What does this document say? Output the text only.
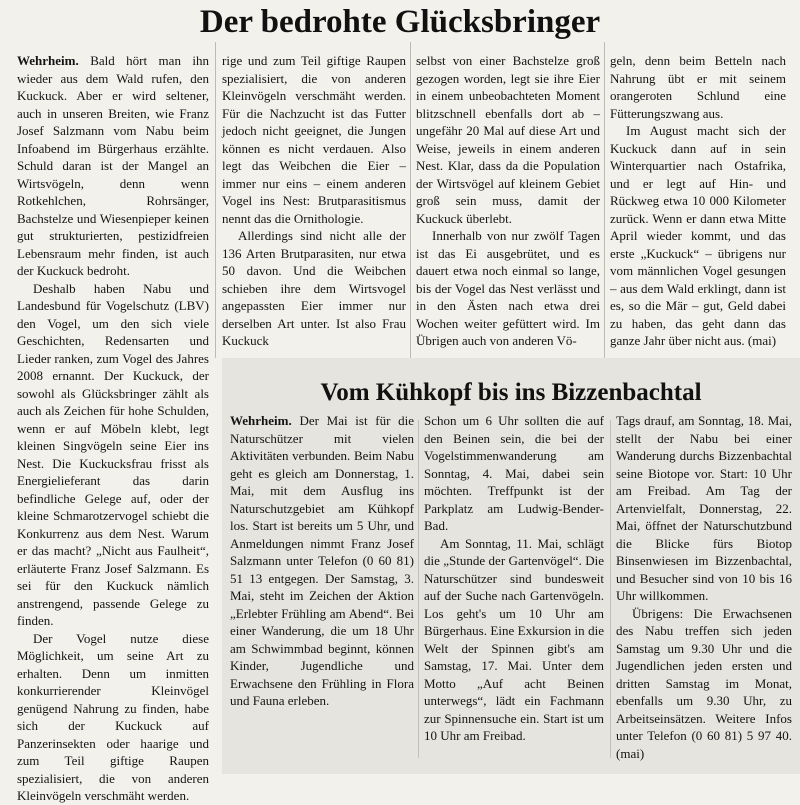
Der bedrohte Glücksbringer

Wehrheim. Bald hört man ihn wieder aus dem Wald rufen, den Kuckuck. Aber er wird seltener, auch in unseren Breiten, wie Franz Josef Salzmann vom Nabu beim Infoabend im Bürgerhaus erzählte. Schuld daran ist der Mangel an Wirtsvögeln, denn wenn Rotkehlchen, Rohrsänger, Bachstelze und Wiesenpieper keinen gut strukturierten, pestizidfreien Lebensraum mehr finden, ist auch der Kuckuck bedroht.

Deshalb haben Nabu und Landesbund für Vogelschutz (LBV) den Vogel, um den sich viele Geschichten, Redensarten und Lieder ranken, zum Vogel des Jahres 2008 ernannt. Der Kuckuck, der sowohl als Glücksbringer zählt als auch als Zeichen für hohe Schulden, wenn er auf Möbeln klebt, legt kleinen Singvögeln seine Eier ins Nest. Die Kuckucksfrau frisst als Energielieferant das darin befindliche Gelege auf, oder der kleine Schmarotzervogel schiebt die Konkurrenz aus dem Nest. Warum er das macht? „Nicht aus Faulheit“, erläuterte Franz Josef Salzmann. Es sei für den Kuckuck nämlich anstrengend, passende Gelege zu finden.

Der Vogel nutze diese Möglichkeit, um seine Art zu erhalten. Denn um inmitten konkurrierender Kleinvögel genügend Nahrung zu finden, habe sich der Kuckuck auf Panzerinsekten oder haarige und zum Teil giftige Raupen spezialisiert, die von anderen Kleinvögeln verschmäht werden.

rige und zum Teil giftige Raupen spezialisiert, die von anderen Kleinvögeln verschmäht werden. Für die Nachzucht ist das Futter jedoch nicht geeignet, die Jungen können es nicht verdauen. Also legt das Weibchen die Eier – immer nur eins – einem anderen Vogel ins Nest: Brutparasitismus nennt das die Ornithologie.

Allerdings sind nicht alle der 136 Arten Brutparasiten, nur etwa 50 davon. Und die Weibchen schieben ihre dem Wirtsvogel angepassten Eier immer nur derselben Art unter. Ist also Frau Kuckuck

selbst von einer Bachstelze groß gezogen worden, legt sie ihre Eier in einem unbeobachteten Moment blitzschnell ebenfalls dort ab – ungefähr 20 Mal auf diese Art und Weise, jeweils in einem anderen Nest. Klar, dass da die Population der Wirtsvögel auf kleinem Gebiet groß sein muss, damit der Kuckuck überlebt.

Innerhalb von nur zwölf Tagen ist das Ei ausgebrütet, und es dauert etwa noch einmal so lange, bis der Vogel das Nest verlässt und in den Ästen nach etwa drei Wochen weiter gefüttert wird. Im Übrigen auch von anderen Vö-

geln, denn beim Betteln nach Nahrung übt er mit seinem orangeroten Schlund eine Fütterungszwang aus.

Im August macht sich der Kuckuck dann auf in sein Winterquartier nach Ostafrika, und er legt auf Hin- und Rückweg etwa 10 000 Kilometer zurück. Wenn er dann etwa Mitte April wieder kommt, und das erste „Kuckuck“ – übrigens nur vom männlichen Vogel gesungen – aus dem Wald erklingt, dann ist es, so die Mär – gut, Geld dabei zu haben, das geht dann das ganze Jahr über nicht aus. (mai)

Vom Kühkopf bis ins Bizzenbachtal

Wehrheim. Der Mai ist für die Naturschützer mit vielen Aktivitäten verbunden. Beim Nabu geht es gleich am Donnerstag, 1. Mai, mit dem Ausflug ins Naturschutzgebiet am Kühkopf los. Start ist bereits um 5 Uhr, und Anmeldungen nimmt Franz Josef Salzmann unter Telefon (0 60 81) 51 13 entgegen. Der Samstag, 3. Mai, steht im Zeichen der Aktion „Erlebter Frühling am Abend“. Bei einer Wanderung, die um 18 Uhr am Schwimmbad beginnt, können Kinder, Jugendliche und Erwachsene den Frühling in Flora und Fauna erleben.

Schon um 6 Uhr sollten die auf den Beinen sein, die bei der Vogelstimmenwanderung am Sonntag, 4. Mai, dabei sein möchten. Treffpunkt ist der Parkplatz am Ludwig-Bender-Bad.

Am Sonntag, 11. Mai, schlägt die „Stunde der Gartenvögel“. Die Naturschützer sind bundesweit auf der Suche nach Gartenvögeln. Los geht's um 10 Uhr am Bürgerhaus. Eine Exkursion in die Welt der Spinnen gibt's am Samstag, 17. Mai. Unter dem Motto „Auf acht Beinen unterwegs“, lädt ein Fachmann zur Spinnensuche ein. Start ist um 10 Uhr am Freibad.

Tags drauf, am Sonntag, 18. Mai, stellt der Nabu bei einer Wanderung durchs Bizzenbachtal seine Biotope vor. Start: 10 Uhr am Freibad. Am Tag der Artenvielfalt, Donnerstag, 22. Mai, öffnet der Naturschutzbund die Blicke fürs Biotop Binsenwiesen im Bizzenbachtal, und Besucher sind von 10 bis 16 Uhr willkommen.

Übrigens: Die Erwachsenen des Nabu treffen sich jeden Samstag um 9.30 Uhr und die Jugendlichen jeden ersten und dritten Samstag im Monat, ebenfalls um 9.30 Uhr, zu Arbeitseinsätzen. Weitere Infos unter Telefon (0 60 81) 5 97 40. (mai)
